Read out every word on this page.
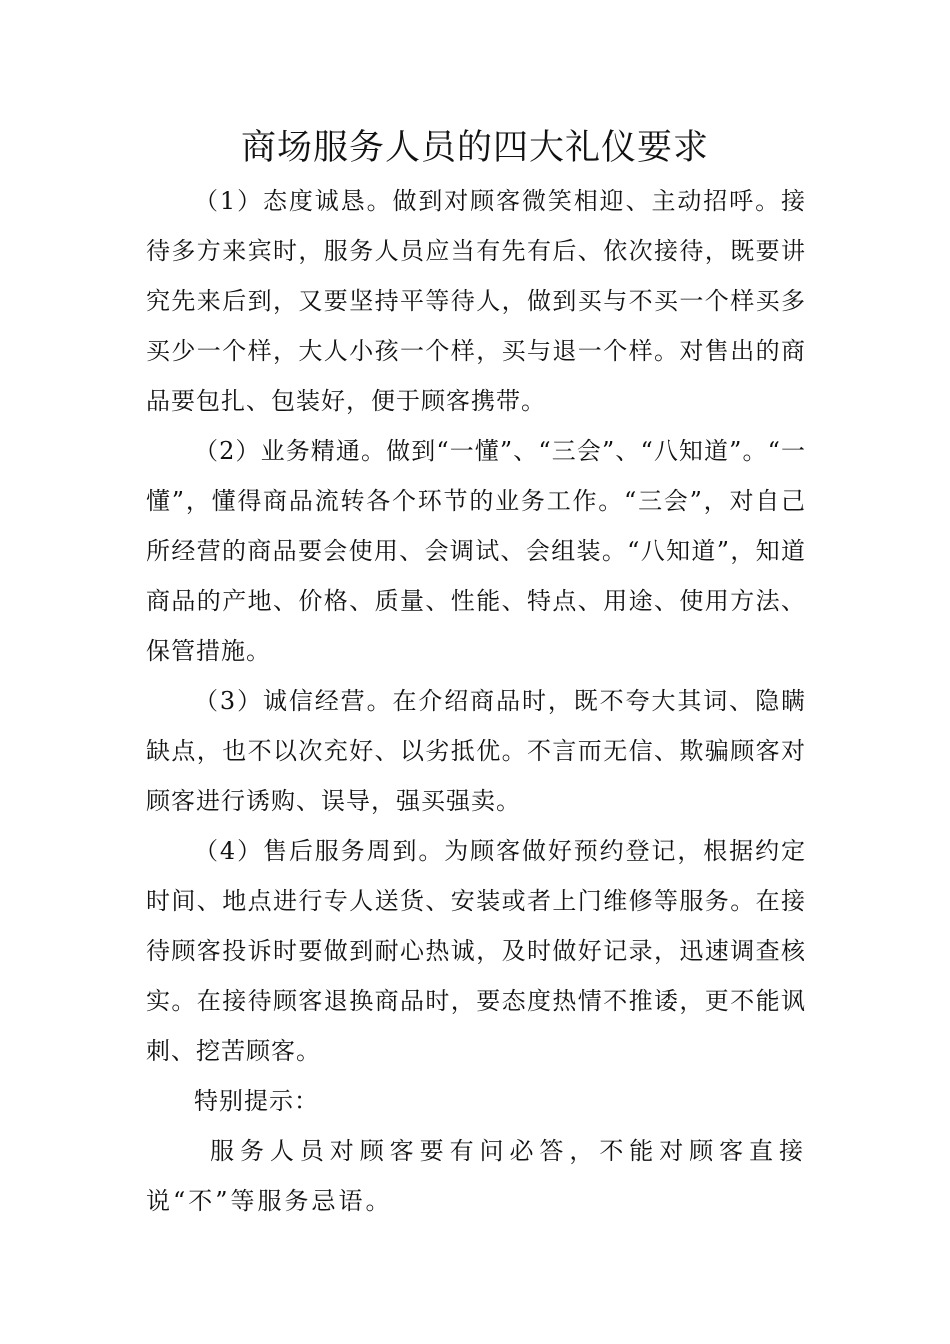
商场服务人员的四大礼仪要求

（1）态度诚恳。做到对顾客微笑相迎、主动招呼。接待多方来宾时，服务人员应当有先有后、依次接待，既要讲究先来后到，又要坚持平等待人，做到买与不买一个样买多买少一个样，大人小孩一个样，买与退一个样。对售出的商品要包扎、包装好，便于顾客携带。

（2）业务精通。做到“一懂”、“三会”、“八知道”。“一懂”，懂得商品流转各个环节的业务工作。“三会”，对自己所经营的商品要会使用、会调试、会组装。“八知道”，知道商品的产地、价格、质量、性能、特点、用途、使用方法、保管措施。

（3）诚信经营。在介绍商品时，既不夸大其词、隐瞒缺点，也不以次充好、以劣抵优。不言而无信、欺骗顾客对顾客进行诱购、误导，强买强卖。

（4）售后服务周到。为顾客做好预约登记，根据约定时间、地点进行专人送货、安装或者上门维修等服务。在接待顾客投诉时要做到耐心热诚，及时做好记录，迅速调查核实。在接待顾客退换商品时，要态度热情不推诿，更不能讽刺、挖苦顾客。

特别提示：

服务人员对顾客要有问必答，不能对顾客直接说“不”等服务忌语。
